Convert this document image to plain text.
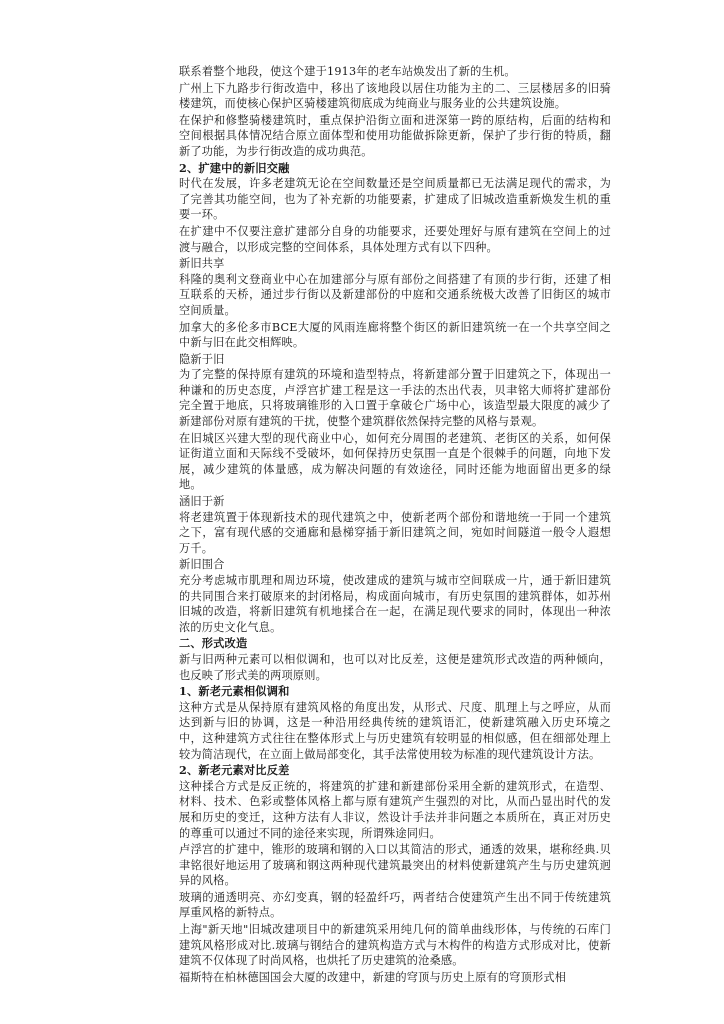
联系着整个地段，使这个建于1913年的老车站焕发出了新的生机。

广州上下九路步行街改造中，移出了该地段以居住功能为主的二、三层楼居多的旧骑楼建筑，而使核心保护区骑楼建筑彻底成为纯商业与服务业的公共建筑设施。

在保护和修整骑楼建筑时，重点保护沿街立面和进深第一跨的原结构，后面的结构和空间根据具体情况结合原立面体型和使用功能做拆除更新，保护了步行街的特质，翻新了功能，为步行街改造的成功典范。

2、扩建中的新旧交融

时代在发展，许多老建筑无论在空间数量还是空间质量都已无法满足现代的需求，为了完善其功能空间，也为了补充新的功能要素，扩建成了旧城改造重新焕发生机的重要一环。

在扩建中不仅要注意扩建部分自身的功能要求，还要处理好与原有建筑在空间上的过渡与融合，以形成完整的空间体系，具体处理方式有以下四种。

新旧共享

科隆的奥利文登商业中心在加建部分与原有部份之间搭建了有顶的步行街，还建了相互联系的天桥，通过步行街以及新建部份的中庭和交通系统极大改善了旧街区的城市空间质量。

加拿大的多伦多市BCE大厦的风雨连廊将整个街区的新旧建筑统一在一个共享空间之中新与旧在此交相辉映。

隐新于旧

为了完整的保持原有建筑的环境和造型特点，将新建部分置于旧建筑之下，体现出一种谦和的历史态度，卢浮宫扩建工程是这一手法的杰出代表，贝聿铭大师将扩建部份完全置于地底，只将玻璃锥形的入口置于拿破仑广场中心，该造型最大限度的减少了新建部份对原有建筑的干扰，使整个建筑群依然保持完整的风格与景观。

在旧城区兴建大型的现代商业中心，如何充分周围的老建筑、老街区的关系，如何保证街道立面和天际线不受破坏，如何保持历史氛围一直是个很棘手的问题，向地下发展，减少建筑的体量感，成为解决问题的有效途径，同时还能为地面留出更多的绿地。

涵旧于新

将老建筑置于体现新技术的现代建筑之中，使新老两个部份和谐地统一于同一个建筑之下，富有现代感的交通廊和悬梯穿插于新旧建筑之间，宛如时间隧道一般令人遐想万千。

新旧围合

充分考虑城市肌理和周边环境，使改建成的建筑与城市空间联成一片，通于新旧建筑的共同围合来打破原来的封闭格局，构成面向城市，有历史氛围的建筑群体，如苏州旧城的改造，将新旧建筑有机地揉合在一起，在满足现代要求的同时，体现出一种浓浓的历史文化气息。

二、形式改造

新与旧两种元素可以相似调和，也可以对比反差，这便是建筑形式改造的两种倾向，也反映了形式美的两项原则。

1、新老元素相似调和

这种方式是从保持原有建筑风格的角度出发，从形式、尺度、肌理上与之呼应，从而达到新与旧的协调，这是一种沿用经典传统的建筑语汇，使新建筑融入历史环境之中，这种建筑方式往往在整体形式上与历史建筑有较明显的相似感，但在细部处理上较为简洁现代，在立面上做局部变化，其手法常使用较为标准的现代建筑设计方法。

2、新老元素对比反差

这种揉合方式是反正统的，将建筑的扩建和新建部份采用全新的建筑形式，在造型、材料、技术、色彩或整体风格上都与原有建筑产生强烈的对比，从而凸显出时代的发展和历史的变迁，这种方法有人非议，然设计手法并非问题之本质所在，真正对历史的尊重可以通过不同的途径来实现，所谓殊途同归。

卢浮宫的扩建中，锥形的玻璃和钢的入口以其简洁的形式，通透的效果，堪称经典.贝聿铭很好地运用了玻璃和钢这两种现代建筑最突出的材料使新建筑产生与历史建筑迥异的风格。

玻璃的通透明亮、亦幻变真，钢的轻盈纤巧，两者结合使建筑产生出不同于传统建筑厚重风格的新特点。

上海"新天地"旧城改建项目中的新建筑采用纯几何的简单曲线形体，与传统的石库门建筑风格形成对比.玻璃与钢结合的建筑构造方式与木构件的构造方式形成对比，使新建筑不仅体现了时尚风格，也烘托了历史建筑的沧桑感。

福斯特在柏林德国国会大厦的改建中，新建的穹顶与历史上原有的穹顶形式相
